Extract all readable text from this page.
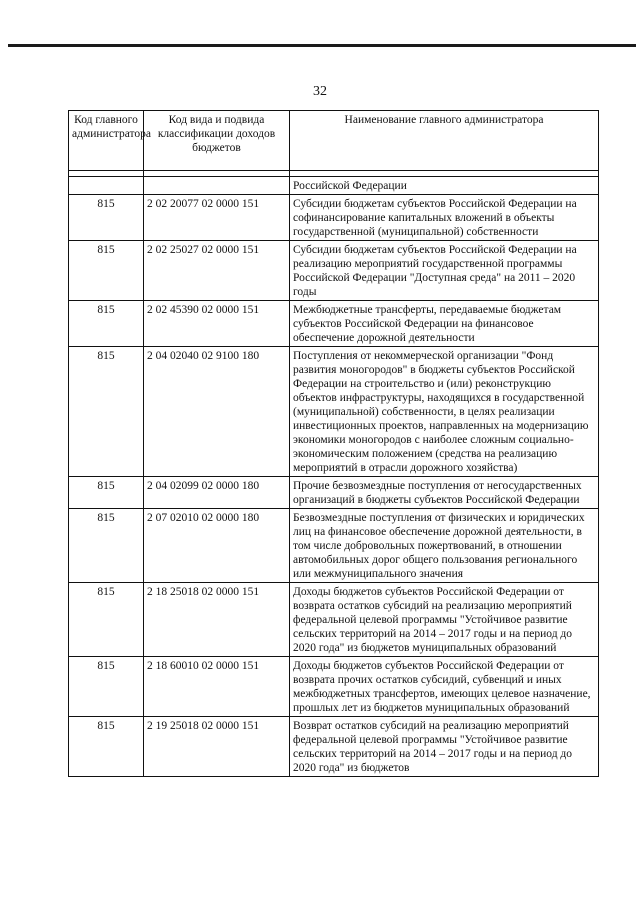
32
Код главного администратора	Код вида и подвида классификации доходов бюджетов	Наименование главного администратора

		Российской Федерации
815	2 02 20077 02 0000 151	Субсидии бюджетам субъектов Российской Федерации на софинансирование капитальных вложений в объекты государственной (муниципальной) собственности
815	2 02 25027 02 0000 151	Субсидии бюджетам субъектов Российской Федерации на реализацию мероприятий государственной программы Российской Федерации "Доступная среда" на 2011 – 2020 годы
815	2 02 45390 02 0000 151	Межбюджетные трансферты, передаваемые бюджетам субъектов Российской Федерации на финансовое обеспечение дорожной деятельности
815	2 04 02040 02 9100 180	Поступления от некоммерческой организации "Фонд развития моногородов" в бюджеты субъектов Российской Федерации на строительство и (или) реконструкцию объектов инфраструктуры, находящихся в государственной (муниципальной) собственности, в целях реализации инвестиционных проектов, направленных на модернизацию экономики моногородов с наиболее сложным социально-экономическим положением (средства на реализацию мероприятий в отрасли дорожного хозяйства)
815	2 04 02099 02 0000 180	Прочие безвозмездные поступления от негосударственных организаций в бюджеты субъектов Российской Федерации
815	2 07 02010 02 0000 180	Безвозмездные поступления от физических и юридических лиц на финансовое обеспечение дорожной деятельности, в том числе добровольных пожертвований, в отношении автомобильных дорог общего пользования регионального или межмуниципального значения
815	2 18 25018 02 0000 151	Доходы бюджетов субъектов Российской Федерации от возврата остатков субсидий на реализацию мероприятий федеральной целевой программы "Устойчивое развитие сельских территорий на 2014 – 2017 годы и на период до 2020 года" из бюджетов муниципальных образований
815	2 18 60010 02 0000 151	Доходы бюджетов субъектов Российской Федерации от возврата прочих остатков субсидий, субвенций и иных межбюджетных трансфертов, имеющих целевое назначение, прошлых лет из бюджетов муниципальных образований
815	2 19 25018 02 0000 151	Возврат остатков субсидий на реализацию мероприятий федеральной целевой программы "Устойчивое развитие сельских территорий на 2014 – 2017 годы и на период до 2020 года" из бюджетов
